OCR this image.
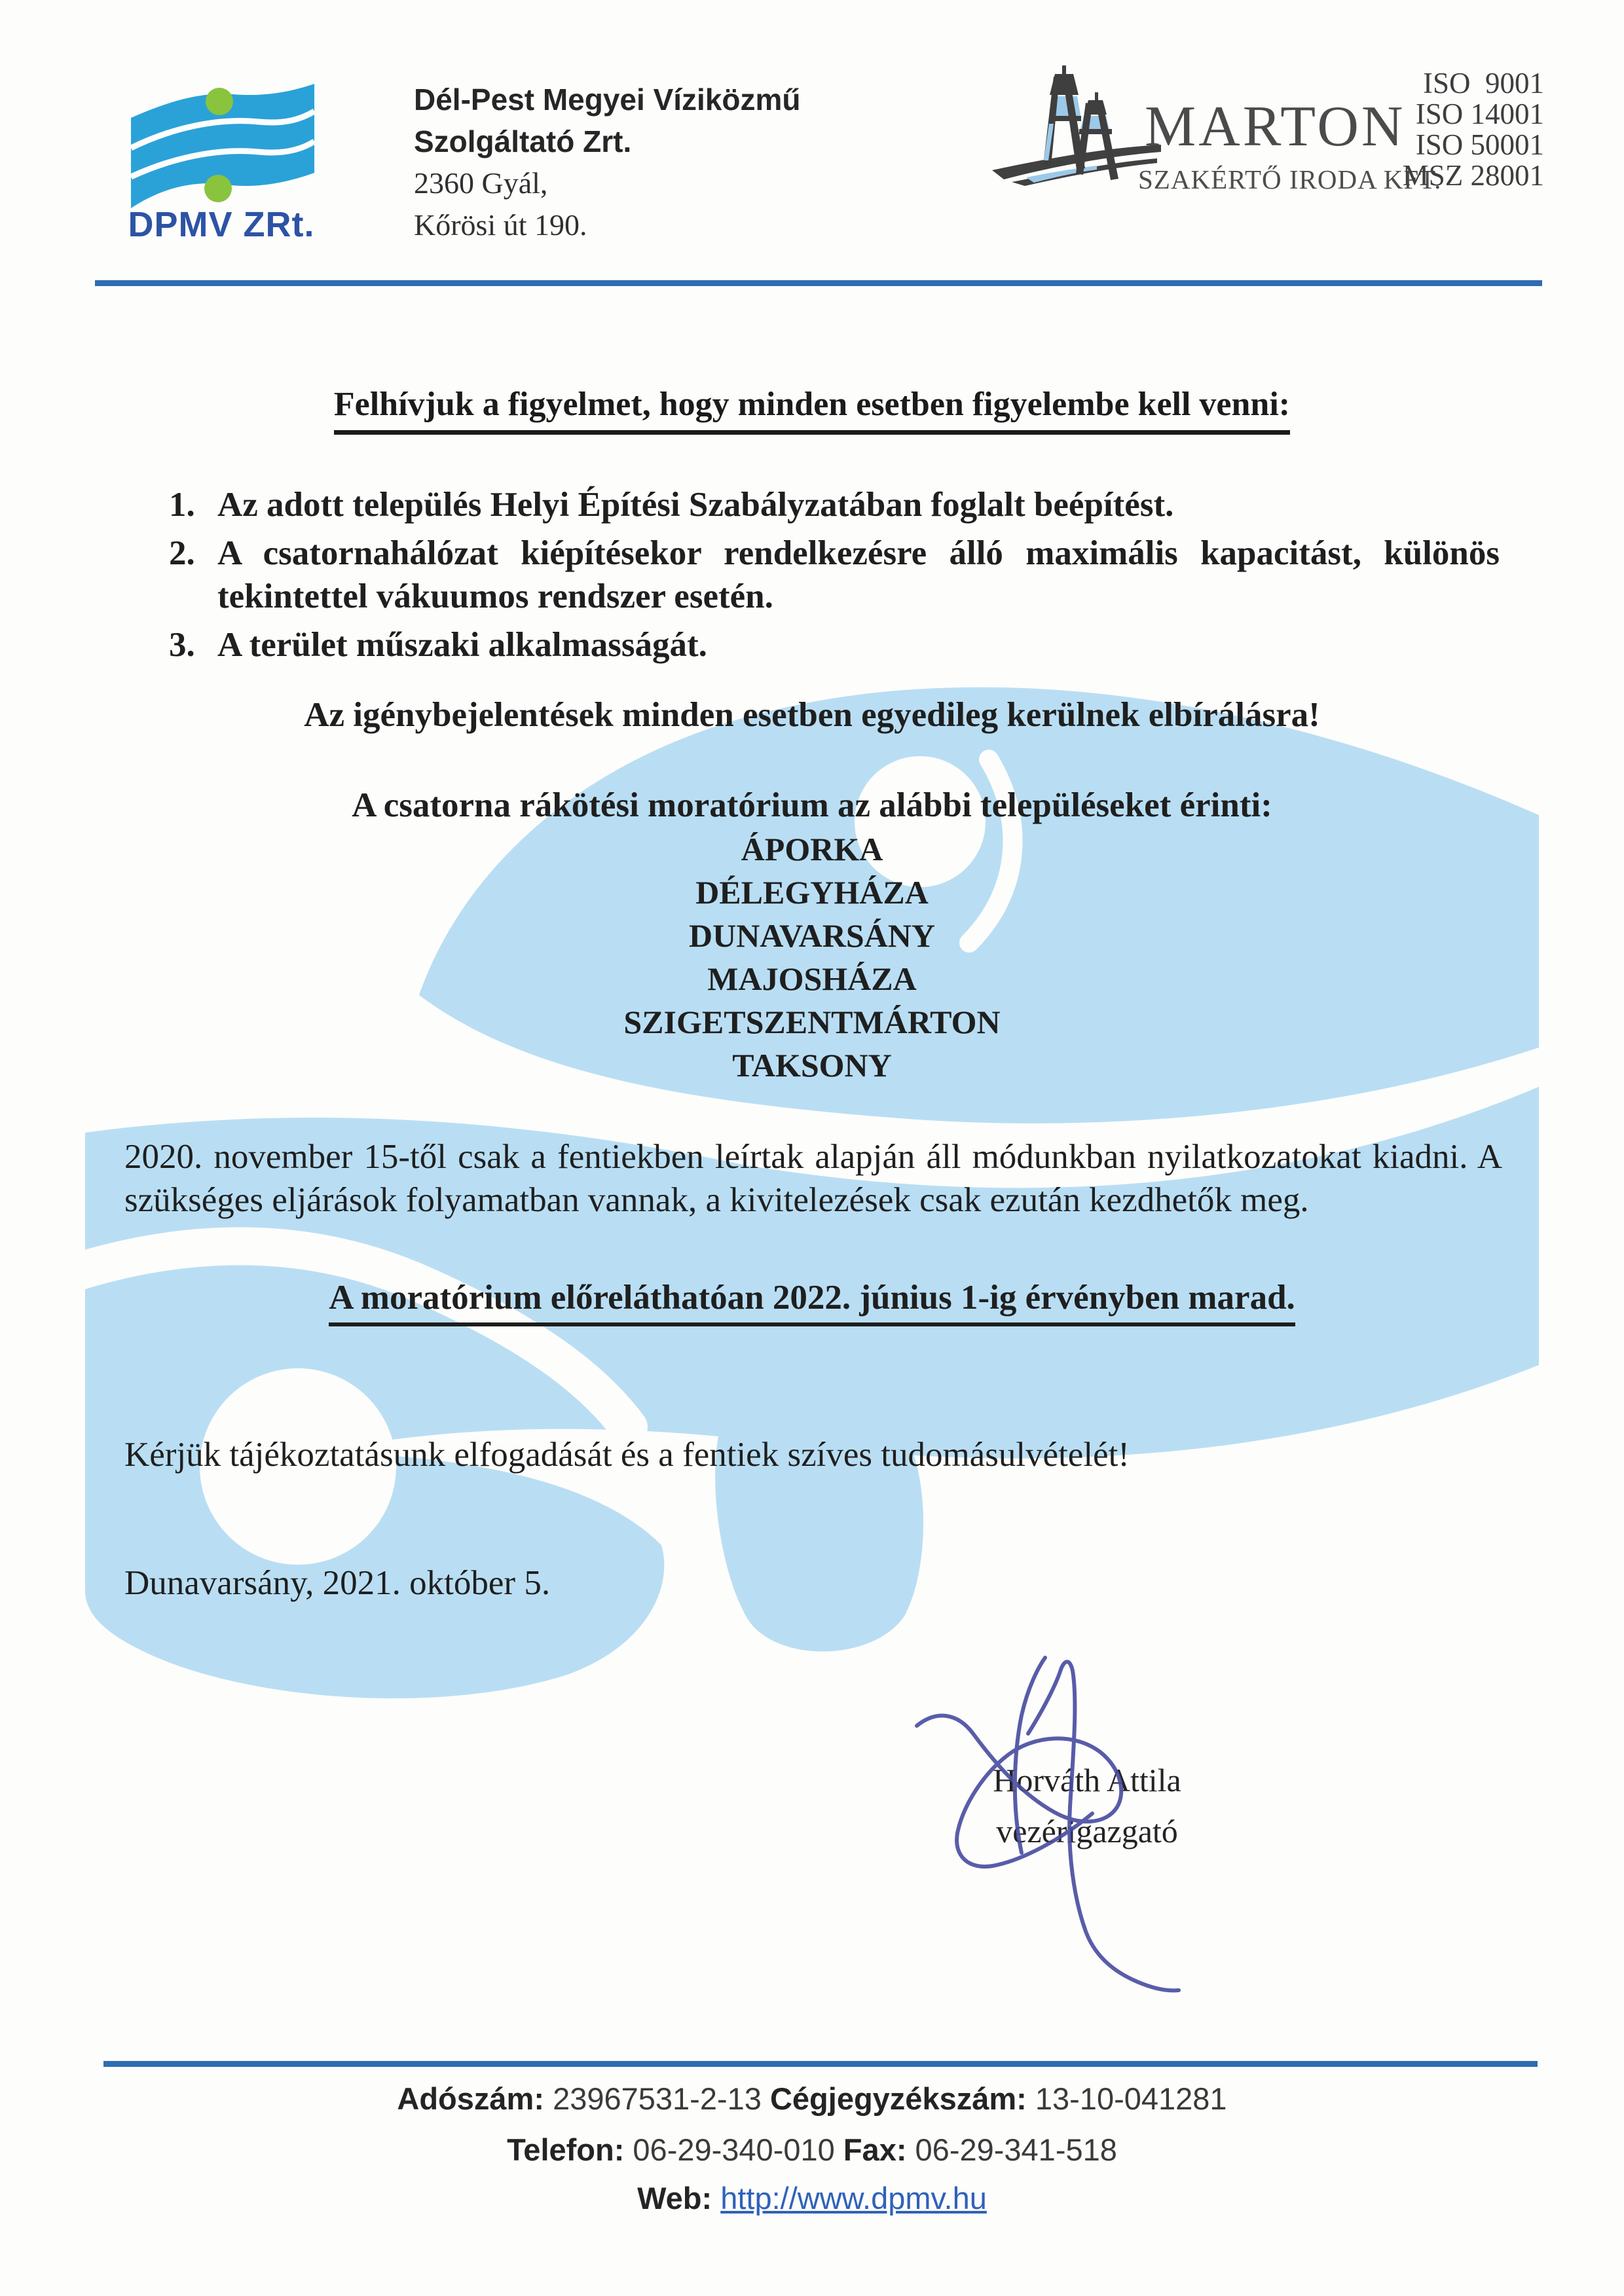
DPMV ZRt.
Dél-Pest Megyei Víziközmű
Szolgáltató Zrt.
2360 Gyál,
Kőrösi út 190.
MARTON
SZAKÉRTŐ IRODA KFT.
ISO  9001
ISO 14001
ISO 50001
MSZ 28001
Felhívjuk a figyelmet, hogy minden esetben figyelembe kell venni:
1. Az adott település Helyi Építési Szabályzatában foglalt beépítést.
2. A csatornahálózat kiépítésekor rendelkezésre álló maximális kapacitást, különös tekintettel vákuumos rendszer esetén.
3. A terület műszaki alkalmasságát.
Az igénybejelentések minden esetben egyedileg kerülnek elbírálásra!
A csatorna rákötési moratórium az alábbi településeket érinti:
ÁPORKA
DÉLEGYHÁZA
DUNAVARSÁNY
MAJOSHÁZA
SZIGETSZENTMÁRTON
TAKSONY
2020. november 15-től csak a fentiekben leírtak alapján áll módunkban nyilatkozatokat kiadni. A szükséges eljárások folyamatban vannak, a kivitelezések csak ezután kezdhetők meg.
A moratórium előreláthatóan 2022. június 1-ig érvényben marad.
Kérjük tájékoztatásunk elfogadását és a fentiek szíves tudomásulvételét!
Dunavarsány, 2021. október 5.
Horváth Attila
vezérigazgató
Adószám: 23967531-2-13 Cégjegyzékszám: 13-10-041281
Telefon: 06-29-340-010 Fax: 06-29-341-518
Web: http://www.dpmv.hu
